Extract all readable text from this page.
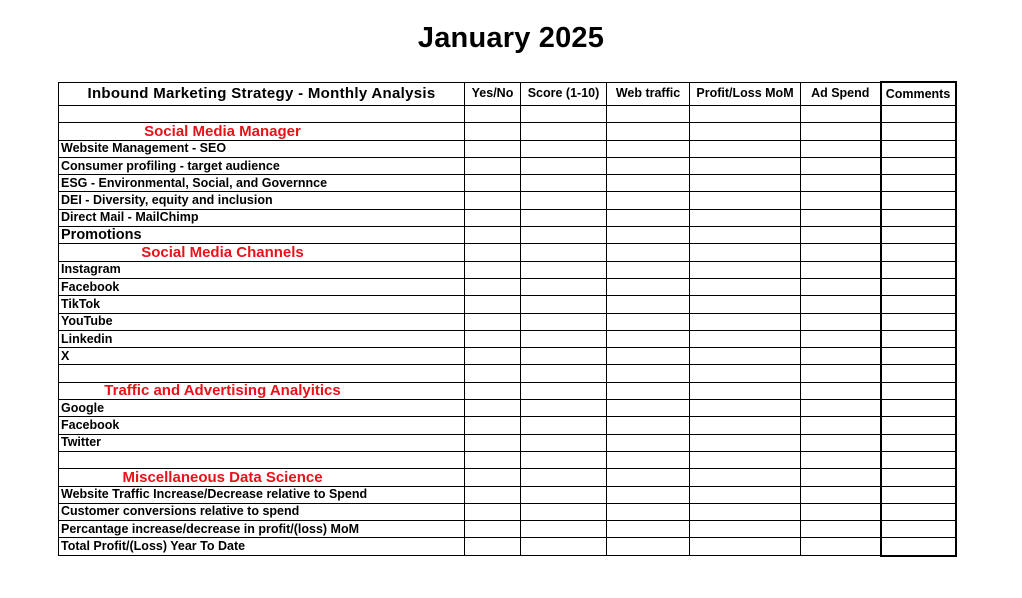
January 2025
Inbound Marketing Strategy - Monthly Analysis	Yes/No	Score (1-10)	Web traffic	Profit/Loss MoM	Ad Spend	Comments

Social Media Manager						
Website Management - SEO						
Consumer profiling - target audience						
ESG - Environmental, Social, and Governnce						
DEI - Diversity, equity and inclusion						
Direct Mail - MailChimp						
Promotions						
Social Media Channels						
Instagram						
Facebook						
TikTok						
YouTube						
Linkedin						
X						

Traffic and Advertising Analyitics						
Google						
Facebook						
Twitter						

Miscellaneous Data Science						
Website Traffic Increase/Decrease relative to Spend						
Customer conversions relative to spend						
Percantage increase/decrease in profit/(loss) MoM						
Total Profit/(Loss) Year To Date						
